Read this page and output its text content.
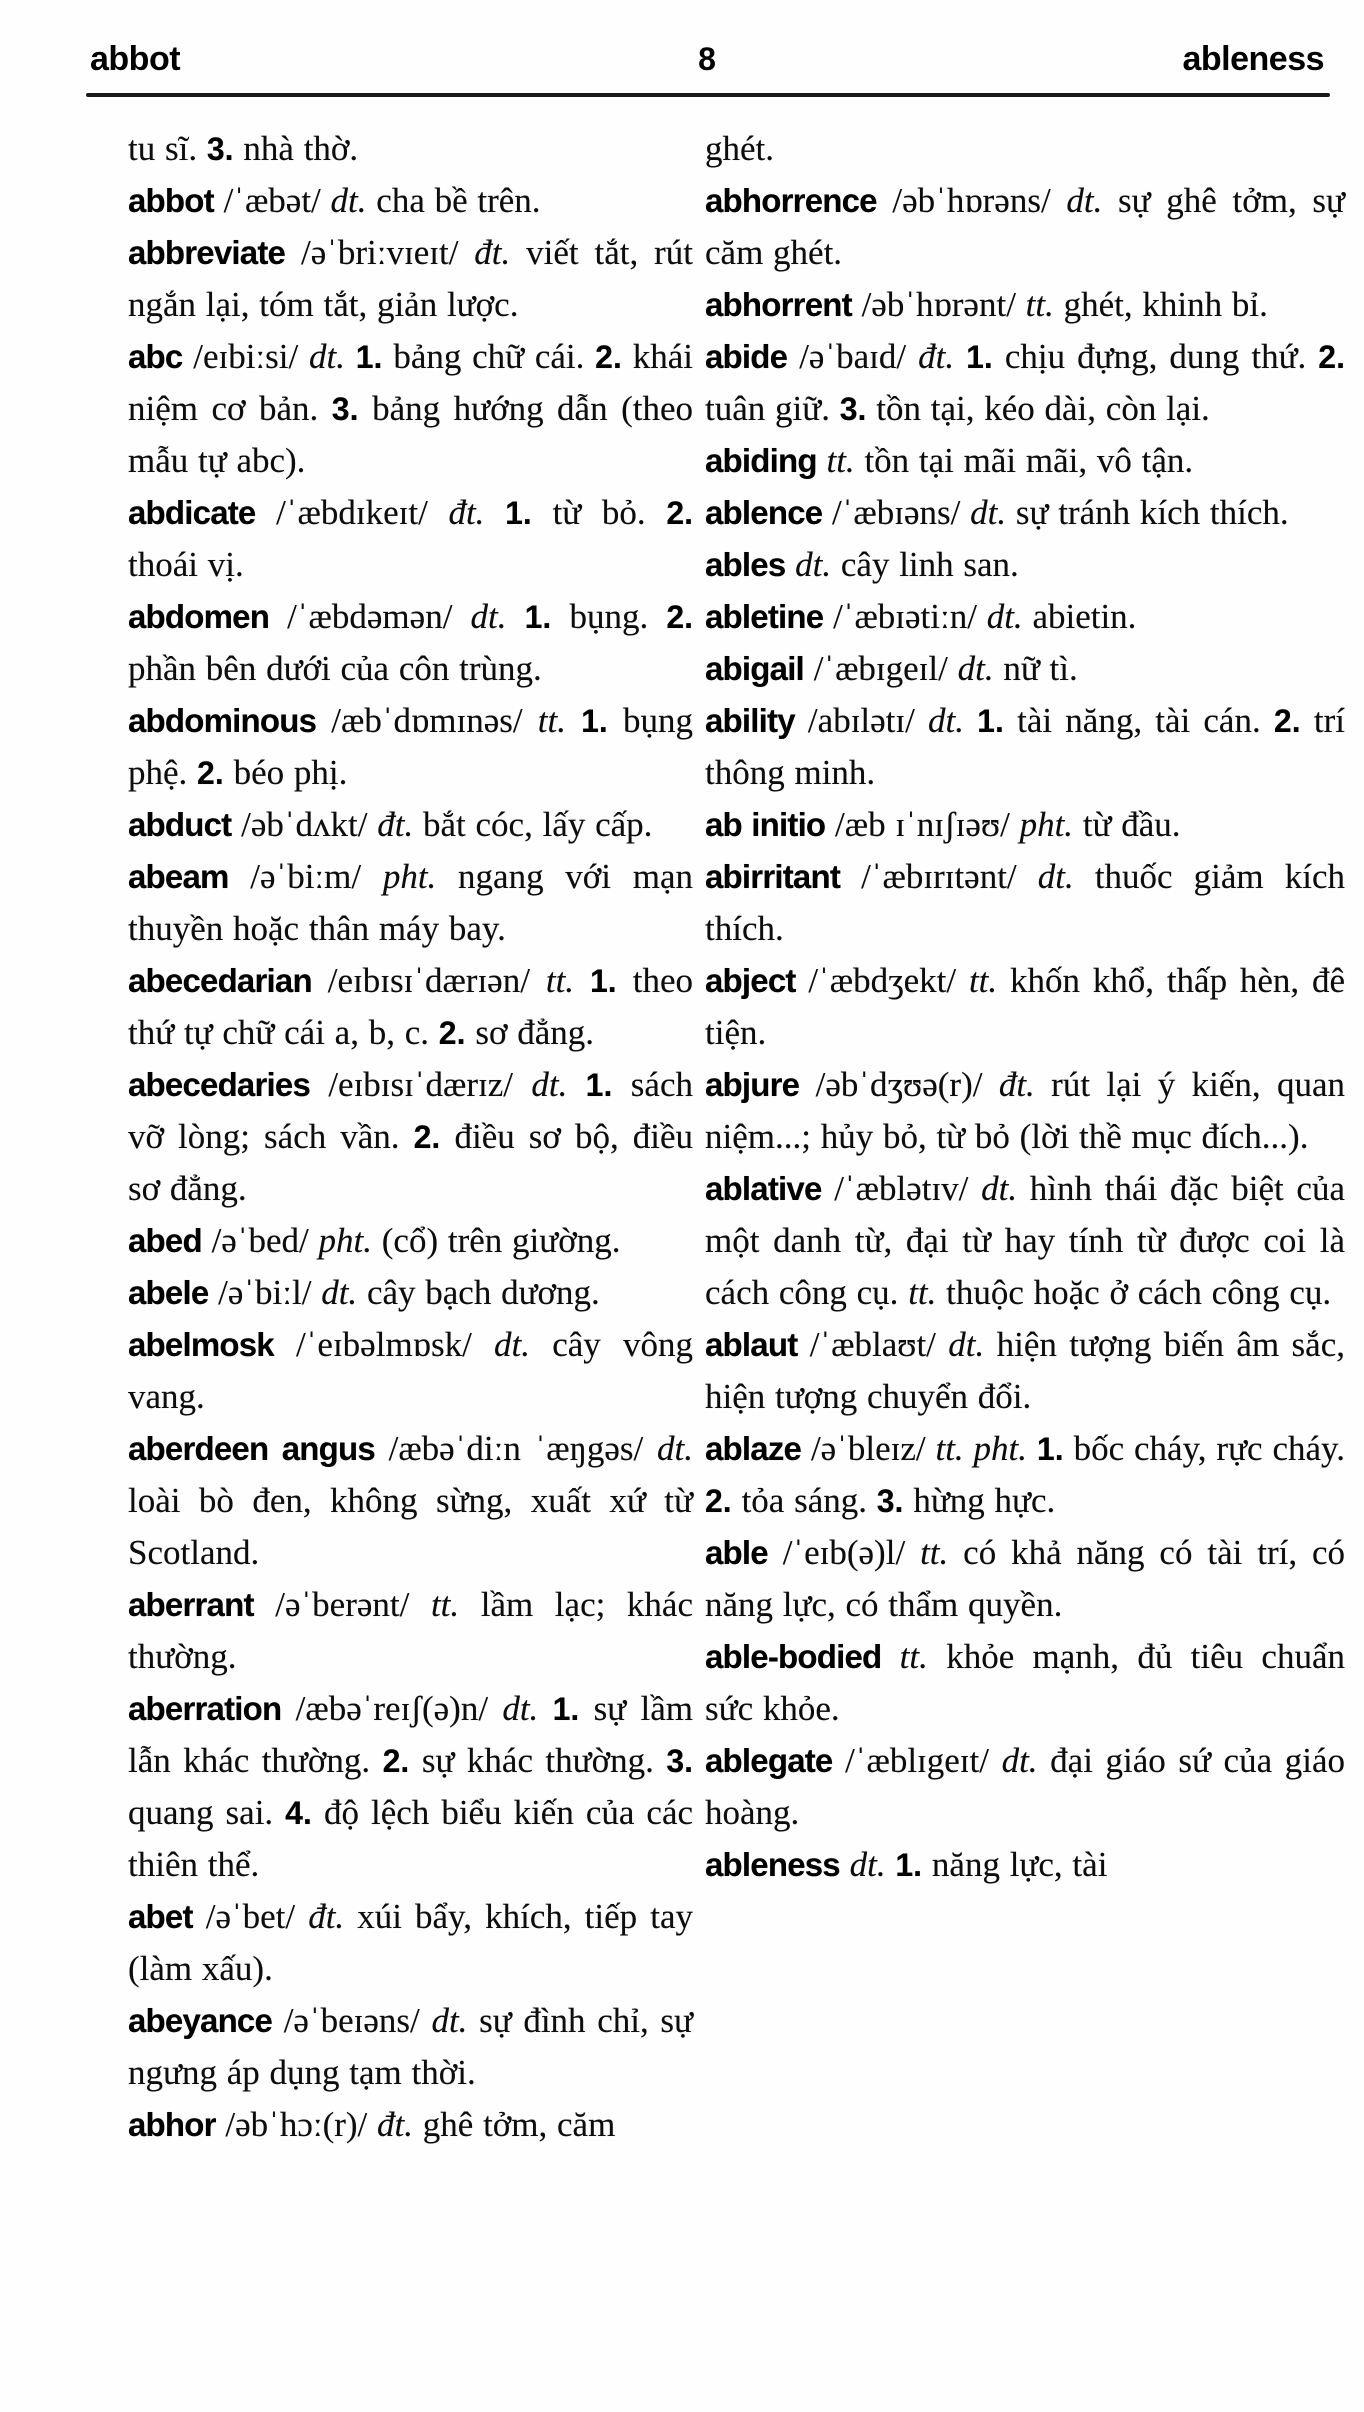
abbot	8	ableness

tu sĩ. 3. nhà thờ.

abbot /ˈæbət/ dt. cha bề trên.

abbreviate /əˈbriːvɪeɪt/ đt. viết tắt, rút ngắn lại, tóm tắt, giản lược.

abc /eɪbiːsi/ dt. 1. bảng chữ cái. 2. khái niệm cơ bản. 3. bảng hướng dẫn (theo mẫu tự abc).

abdicate /ˈæbdɪkeɪt/ đt. 1. từ bỏ. 2. thoái vị.

abdomen /ˈæbdəmən/ dt. 1. bụng. 2. phần bên dưới của côn trùng.

abdominous /æbˈdɒmɪnəs/ tt. 1. bụng phệ. 2. béo phị.

abduct /əbˈdʌkt/ đt. bắt cóc, lấy cấp.

abeam /əˈbiːm/ pht. ngang với mạn thuyền hoặc thân máy bay.

abecedarian /eɪbɪsɪˈdærɪən/ tt. 1. theo thứ tự chữ cái a, b, c. 2. sơ đẳng.

abecedaries /eɪbɪsɪˈdærɪz/ dt. 1. sách vỡ lòng; sách vần. 2. điều sơ bộ, điều sơ đẳng.

abed /əˈbed/ pht. (cổ) trên giường.

abele /əˈbiːl/ dt. cây bạch dương.

abelmosk /ˈeɪbəlmɒsk/ dt. cây vông vang.

aberdeen angus /æbəˈdiːn ˈæŋgəs/ dt. loài bò đen, không sừng, xuất xứ từ Scotland.

aberrant /əˈberənt/ tt. lầm lạc; khác thường.

aberration /æbəˈreɪʃ(ə)n/ dt. 1. sự lầm lẫn khác thường. 2. sự khác thường. 3. quang sai. 4. độ lệch biểu kiến của các thiên thể.

abet /əˈbet/ đt. xúi bẩy, khích, tiếp tay (làm xấu).

abeyance /əˈbeɪəns/ dt. sự đình chỉ, sự ngưng áp dụng tạm thời.

abhor /əbˈhɔː(r)/ đt. ghê tởm, căm

ghét.

abhorrence /əbˈhɒrəns/ dt. sự ghê tởm, sự căm ghét.

abhorrent /əbˈhɒrənt/ tt. ghét, khinh bỉ.

abide /əˈbaɪd/ đt. 1. chịu đựng, dung thứ. 2. tuân giữ. 3. tồn tại, kéo dài, còn lại.

abiding tt. tồn tại mãi mãi, vô tận.

ablence /ˈæbɪəns/ dt. sự tránh kích thích.

ables dt. cây linh san.

abletine /ˈæbɪətiːn/ dt. abietin.

abigail /ˈæbɪgeɪl/ dt. nữ tì.

ability /abɪlətɪ/ dt. 1. tài năng, tài cán. 2. trí thông minh.

ab initio /æb ɪˈnɪʃɪəʊ/ pht. từ đầu.

abirritant /ˈæbɪrɪtənt/ dt. thuốc giảm kích thích.

abject /ˈæbdʒekt/ tt. khốn khổ, thấp hèn, đê tiện.

abjure /əbˈdʒʊə(r)/ đt. rút lại ý kiến, quan niệm...; hủy bỏ, từ bỏ (lời thề mục đích...).

ablative /ˈæblətɪv/ dt. hình thái đặc biệt của một danh từ, đại từ hay tính từ được coi là cách công cụ. tt. thuộc hoặc ở cách công cụ.

ablaut /ˈæblaʊt/ dt. hiện tượng biến âm sắc, hiện tượng chuyển đổi.

ablaze /əˈbleɪz/ tt. pht. 1. bốc cháy, rực cháy. 2. tỏa sáng. 3. hừng hực.

able /ˈeɪb(ə)l/ tt. có khả năng có tài trí, có năng lực, có thẩm quyền.

able-bodied tt. khỏe mạnh, đủ tiêu chuẩn sức khỏe.

ablegate /ˈæblɪgeɪt/ dt. đại giáo sứ của giáo hoàng.

ableness dt. 1. năng lực, tài
